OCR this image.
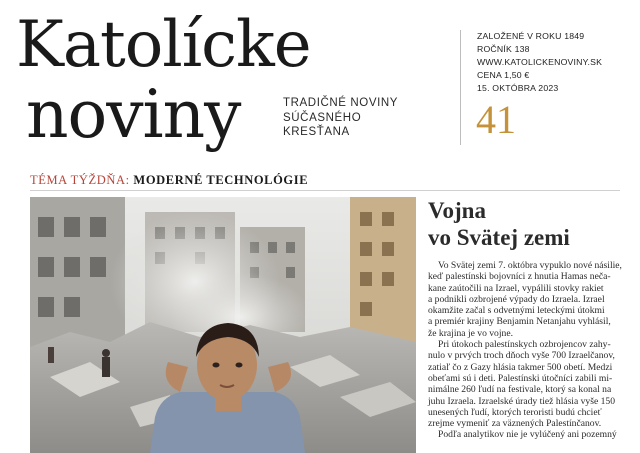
Katolícke
noviny	TRADIČNÉ NOVINY
SÚČASNÉHO
KRESŤANA
ZALOŽENÉ V ROKU 1849
ROČNÍK 138
WWW.KATOLICKENOVINY.SK
CENA 1,50 €
15. OKTÓBRA 2023
41
TÉMA TÝŽDŇA: MODERNÉ TECHNOLÓGIE
Vojna
vo Svätej zemi
Vo Svätej zemi 7. októbra vypuklo nové násilie,
keď palestínski bojovníci z hnutia Hamas neča-
kane zaútočili na Izrael, vypálili stovky rakiet
a podnikli ozbrojené výpady do Izraela. Izrael
okamžite začal s odvetnými leteckými útokmi
a premiér krajiny Benjamin Netanjahu vyhlásil,
že krajina je vo vojne.
Pri útokoch palestínskych ozbrojencov zahy-
nulo v prvých troch dňoch vyše 700 Izraelčanov,
zatiaľ čo z Gazy hlásia takmer 500 obetí. Medzi
obeťami sú i deti. Palestínski útočníci zabili mi-
nimálne 260 ľudí na festivale, ktorý sa konal na
juhu Izraela. Izraelské úrady tiež hlásia vyše 150
unesených ľudí, ktorých teroristi budú chcieť
zrejme vymeniť za väznených Palestínčanov.
Podľa analytikov nie je vylúčený ani pozemný
